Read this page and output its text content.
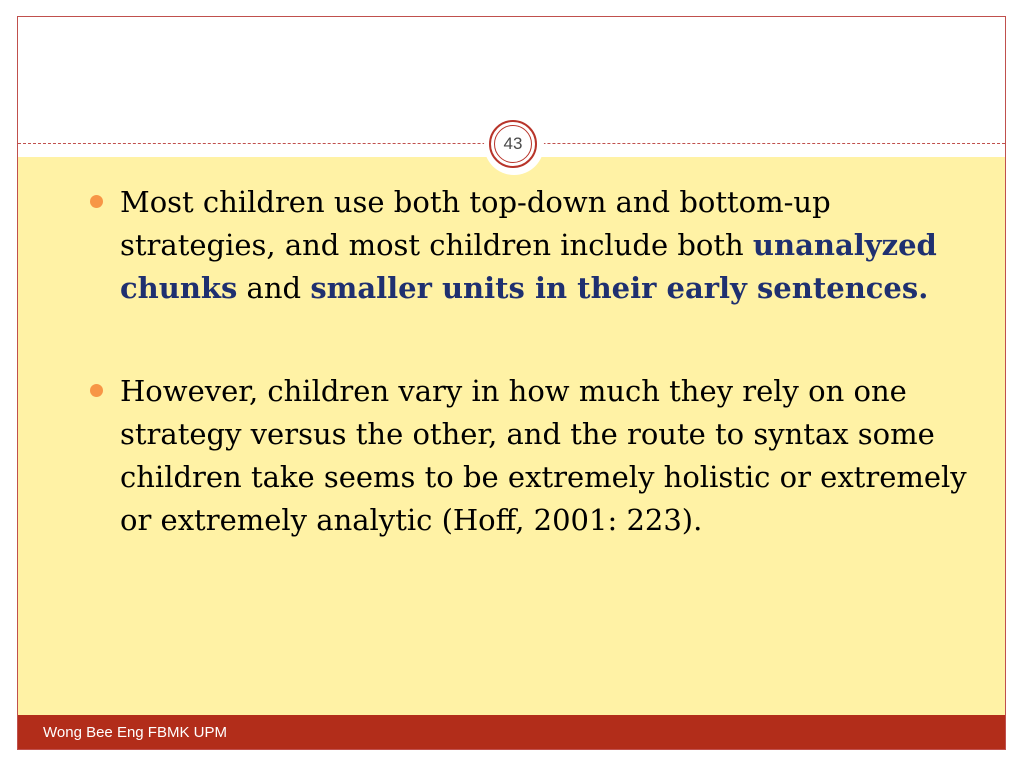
43
Most children use both top-down and bottom-up strategies, and most children include both unanalyzed chunks and smaller units in their early sentences.
However, children vary in how much they rely on one strategy versus the other, and the route to syntax some children take seems to be extremely holistic or extremely or extremely analytic (Hoff, 2001: 223).
Wong Bee Eng FBMK UPM
